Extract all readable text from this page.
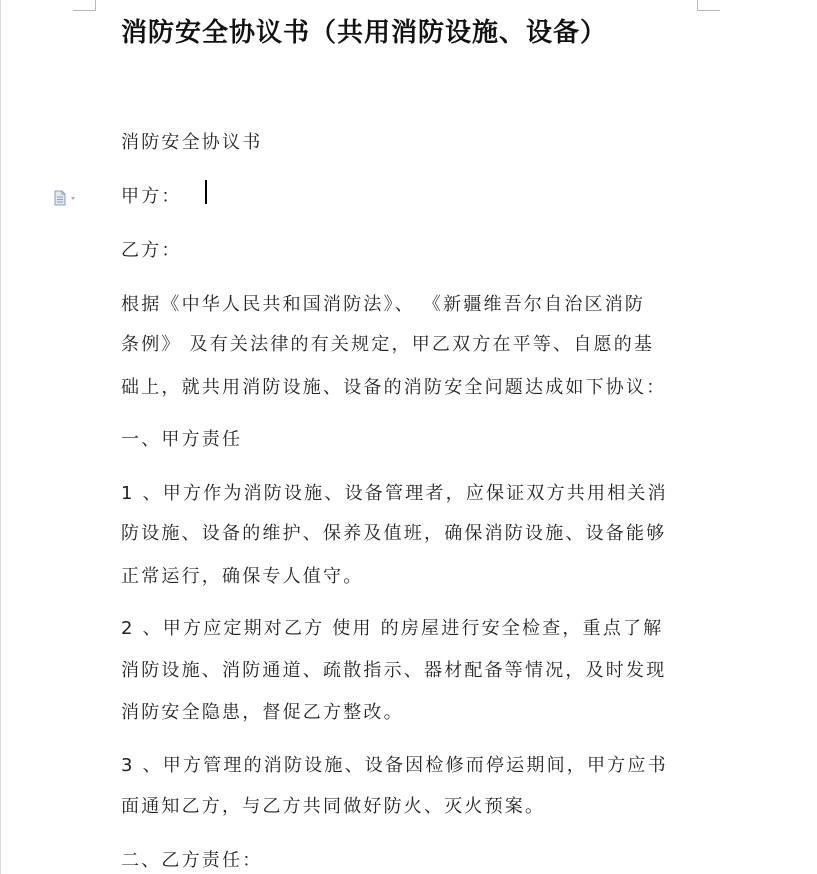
消防安全协议书（共用消防设施、设备）
消防安全协议书
甲方：
乙方：
根据《中华人民共和国消防法》、 《新疆维吾尔自治区消防
条例》 及有关法律的有关规定，甲乙双方在平等、自愿的基
础上，就共用消防设施、设备的消防安全问题达成如下协议：
一、甲方责任
1 、甲方作为消防设施、设备管理者，应保证双方共用相关消
防设施、设备的维护、保养及值班，确保消防设施、设备能够
正常运行，确保专人值守。
2 、甲方应定期对乙方 使用 的房屋进行安全检查，重点了解
消防设施、消防通道、疏散指示、器材配备等情况，及时发现
消防安全隐患，督促乙方整改。
3 、甲方管理的消防设施、设备因检修而停运期间，甲方应书
面通知乙方，与乙方共同做好防火、灭火预案。
二、乙方责任：
